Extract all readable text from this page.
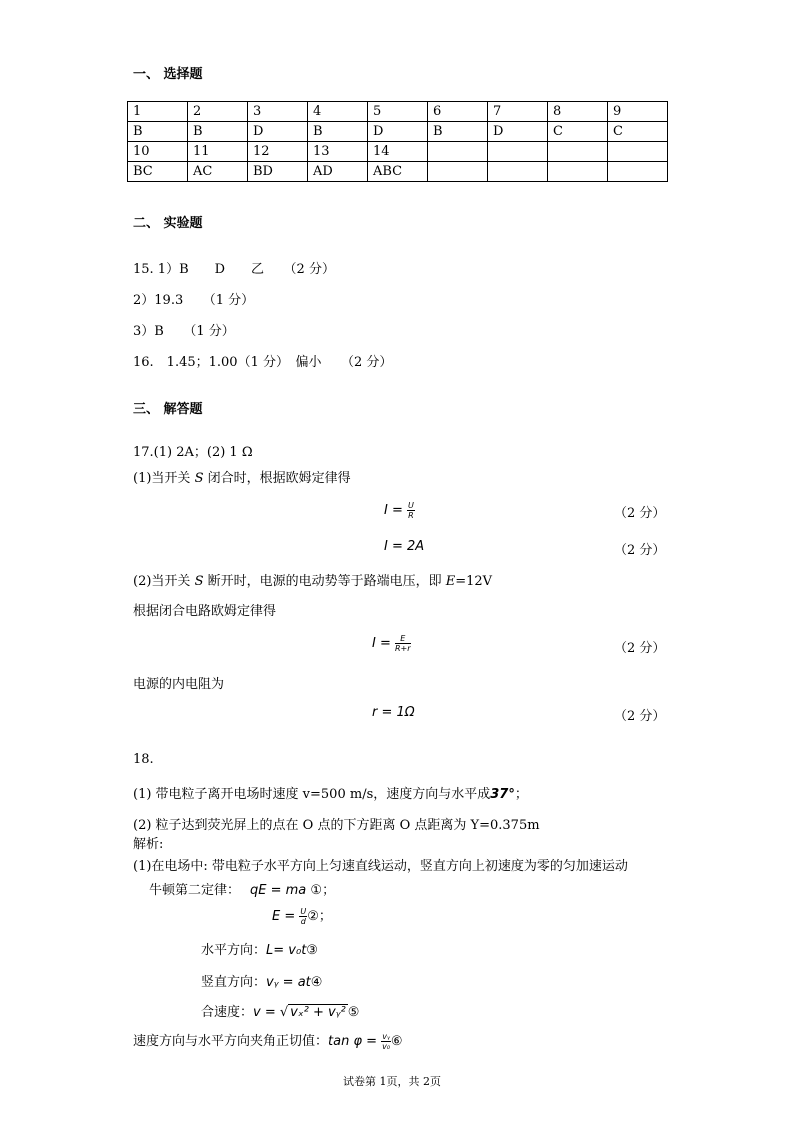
一、 选择题
1	2	3	4	5	6	7	8	9
B	B	D	B	D	B	D	C	C
10	11	12	13	14				
BC	AC	BD	AD	ABC				
二、 实验题
15. 1）B　　D　　乙　　（2 分）
2）19.3　　（1 分）
3）B　　（1 分）
16.　1.45；1.00（1 分）　偏小　　（2 分）
三、 解答题
17.(1) 2A；(2) 1 Ω
(1)当开关 S 闭合时，根据欧姆定律得
$I = \frac{U}{R}$	（2 分）
I = 2A	（2 分）
(2)当开关 S 断开时，电源的电动势等于路端电压，即 E=12V
根据闭合电路欧姆定律得
$I = \frac{E}{R+r}$	（2 分）
电源的内电阻为
r = 1Ω	（2 分）
18.
(1) 带电粒子离开电场时速度 v=500 m/s，速度方向与水平成37°；
(2) 粒子达到荧光屏上的点在 O 点的下方距离 O 点距离为 Y=0.375m
解析:
(1)在电场中: 带电粒子水平方向上匀速直线运动，竖直方向上初速度为零的匀加速运动
牛顿第二定律： qE = ma ①；
$E = \frac{U}{d}$ ②；
水平方向：L= v₀t③
竖直方向：vᵧ = at④
合速度：v = √ vₓ² + vᵧ² ⑤
速度方向与水平方向夹角正切值：$\tan \varphi = \frac{\text{vᵧ}}{\text{v₀}}$ ⑥
试卷第 1页，共 2页
